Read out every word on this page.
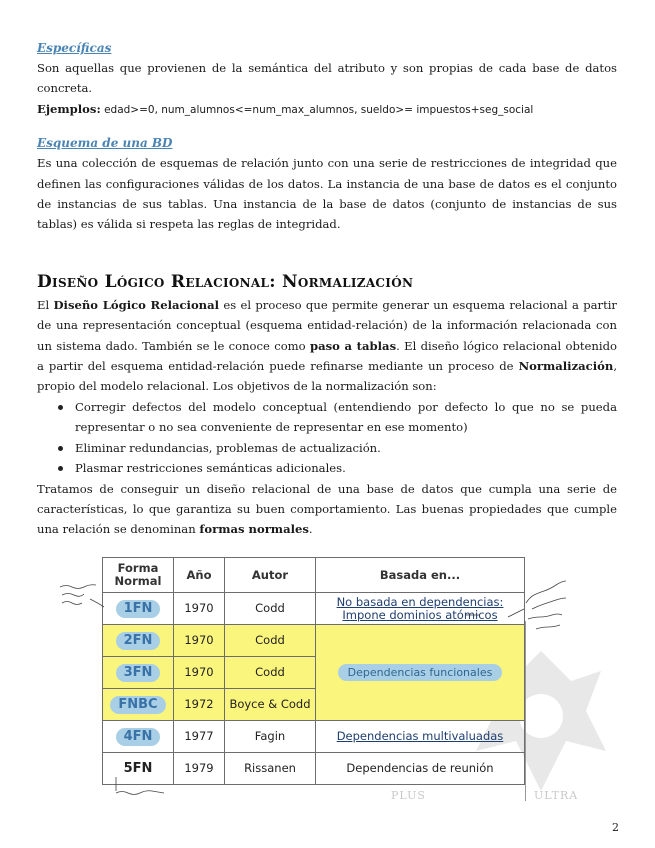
Específicas

Son aquellas que provienen de la semántica del atributo y son propias de cada base de datos concreta.

Ejemplos: edad>=0, num_alumnos<=num_max_alumnos, sueldo>= impuestos+seg_social

Esquema de una BD

Es una colección de esquemas de relación junto con una serie de restricciones de integridad que definen las configuraciones válidas de los datos. La instancia de una base de datos es el conjunto de instancias de sus tablas. Una instancia de la base de datos (conjunto de instancias de sus tablas) es válida si respeta las reglas de integridad.

Diseño Lógico Relacional: Normalización

El Diseño Lógico Relacional es el proceso que permite generar un esquema relacional a partir de una representación conceptual (esquema entidad-relación) de la información relacionada con un sistema dado. También se le conoce como paso a tablas. El diseño lógico relacional obtenido a partir del esquema entidad-relación puede refinarse mediante un proceso de Normalización, propio del modelo relacional. Los objetivos de la normalización son:

Corregir defectos del modelo conceptual (entendiendo por defecto lo que no se pueda representar o no sea conveniente de representar en ese momento)
Eliminar redundancias, problemas de actualización.
Plasmar restricciones semánticas adicionales.

Tratamos de conseguir un diseño relacional de una base de datos que cumpla una serie de características, lo que garantiza su buen comportamiento. Las buenas propiedades que cumple una relación se denominan formas normales.

PLUS	ULTRA
Forma Normal	Año	Autor	Basada en...
1FN	1970	Codd	No basada en dependencias:
Impone dominios atómicos
2FN	1970	Codd	Dependencias funcionales
3FN	1970	Codd	
FNBC	1972	Boyce & Codd	
4FN	1977	Fagin	Dependencias multivaluadas
5FN	1979	Rissanen	Dependencias de reunión
2
